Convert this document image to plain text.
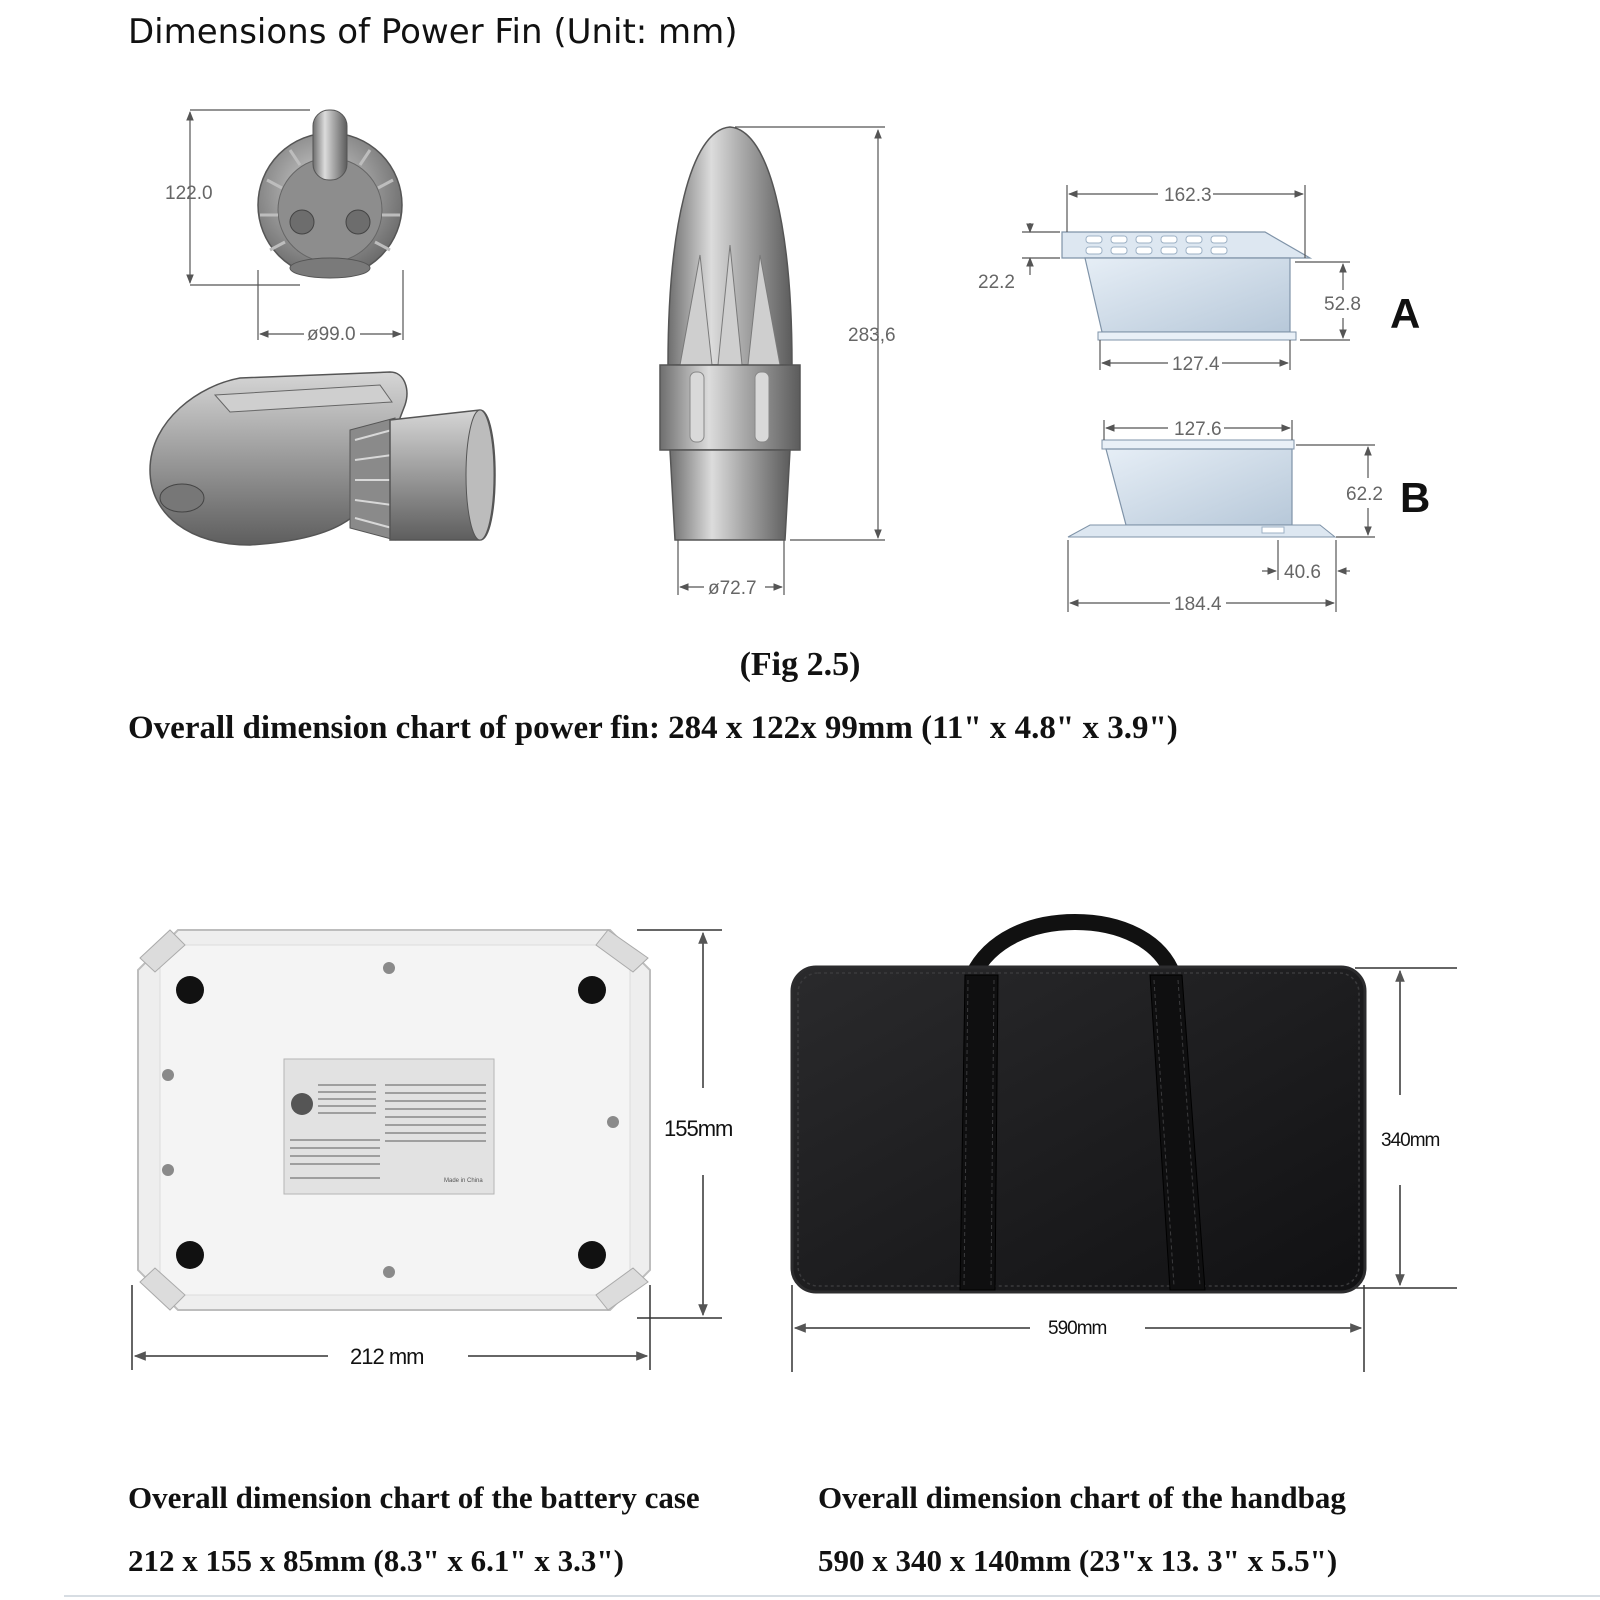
Dimensions of Power Fin (Unit: mm)
122.0
ø99.0	283,6
ø72.7
162.3
22.2
52.8
127.4
A
127.6
62.2
40.6
184.4
B
Made in China
155mm
212 mm
340mm
590mm
(Fig 2.5)
Overall dimension chart of power fin: 284 x 122x 99mm (11" x 4.8" x 3.9")
Overall dimension chart of the battery case
212 x 155 x 85mm (8.3" x 6.1" x 3.3")
Overall dimension chart of the handbag
590 x 340 x 140mm (23"x 13. 3" x 5.5")
